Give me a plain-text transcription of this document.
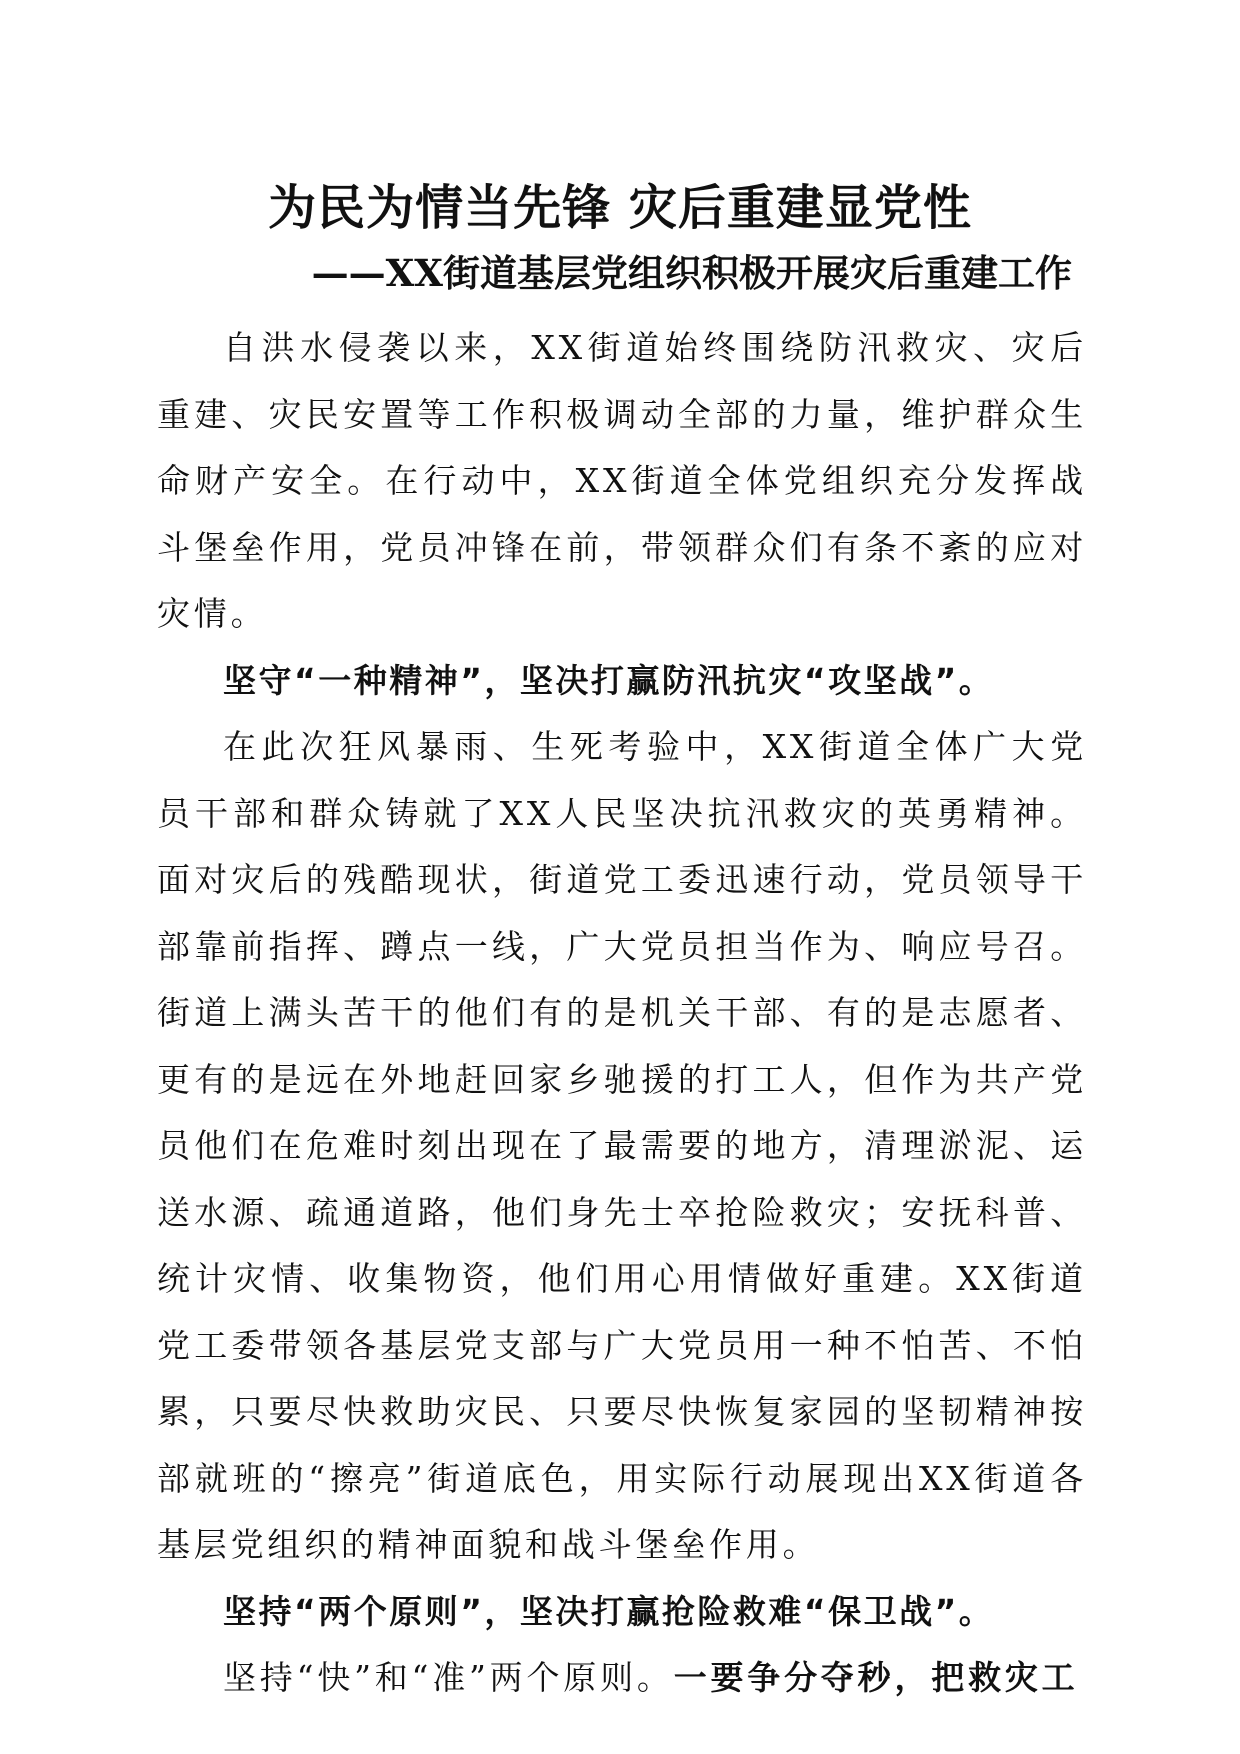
为民为情当先锋 灾后重建显党性
——XX街道基层党组织积极开展灾后重建工作

自洪水侵袭以来，XX街道始终围绕防汛救灾、灾后重建、灾民安置等工作积极调动全部的力量，维护群众生命财产安全。在行动中，XX街道全体党组织充分发挥战斗堡垒作用，党员冲锋在前，带领群众们有条不紊的应对灾情。

坚守“一种精神”，坚决打赢防汛抗灾“攻坚战”。

在此次狂风暴雨、生死考验中，XX街道全体广大党员干部和群众铸就了XX人民坚决抗汛救灾的英勇精神。面对灾后的残酷现状，街道党工委迅速行动，党员领导干部靠前指挥、蹲点一线，广大党员担当作为、响应号召。街道上满头苦干的他们有的是机关干部、有的是志愿者、更有的是远在外地赶回家乡驰援的打工人，但作为共产党员他们在危难时刻出现在了最需要的地方，清理淤泥、运送水源、疏通道路，他们身先士卒抢险救灾；安抚科普、统计灾情、收集物资，他们用心用情做好重建。XX街道党工委带领各基层党支部与广大党员用一种不怕苦、不怕累，只要尽快救助灾民、只要尽快恢复家园的坚韧精神按部就班的“擦亮”街道底色，用实际行动展现出XX街道各基层党组织的精神面貌和战斗堡垒作用。

坚持“两个原则”，坚决打赢抢险救难“保卫战”。

坚持“快”和“准”两个原则。一要争分夺秒，把救灾工
